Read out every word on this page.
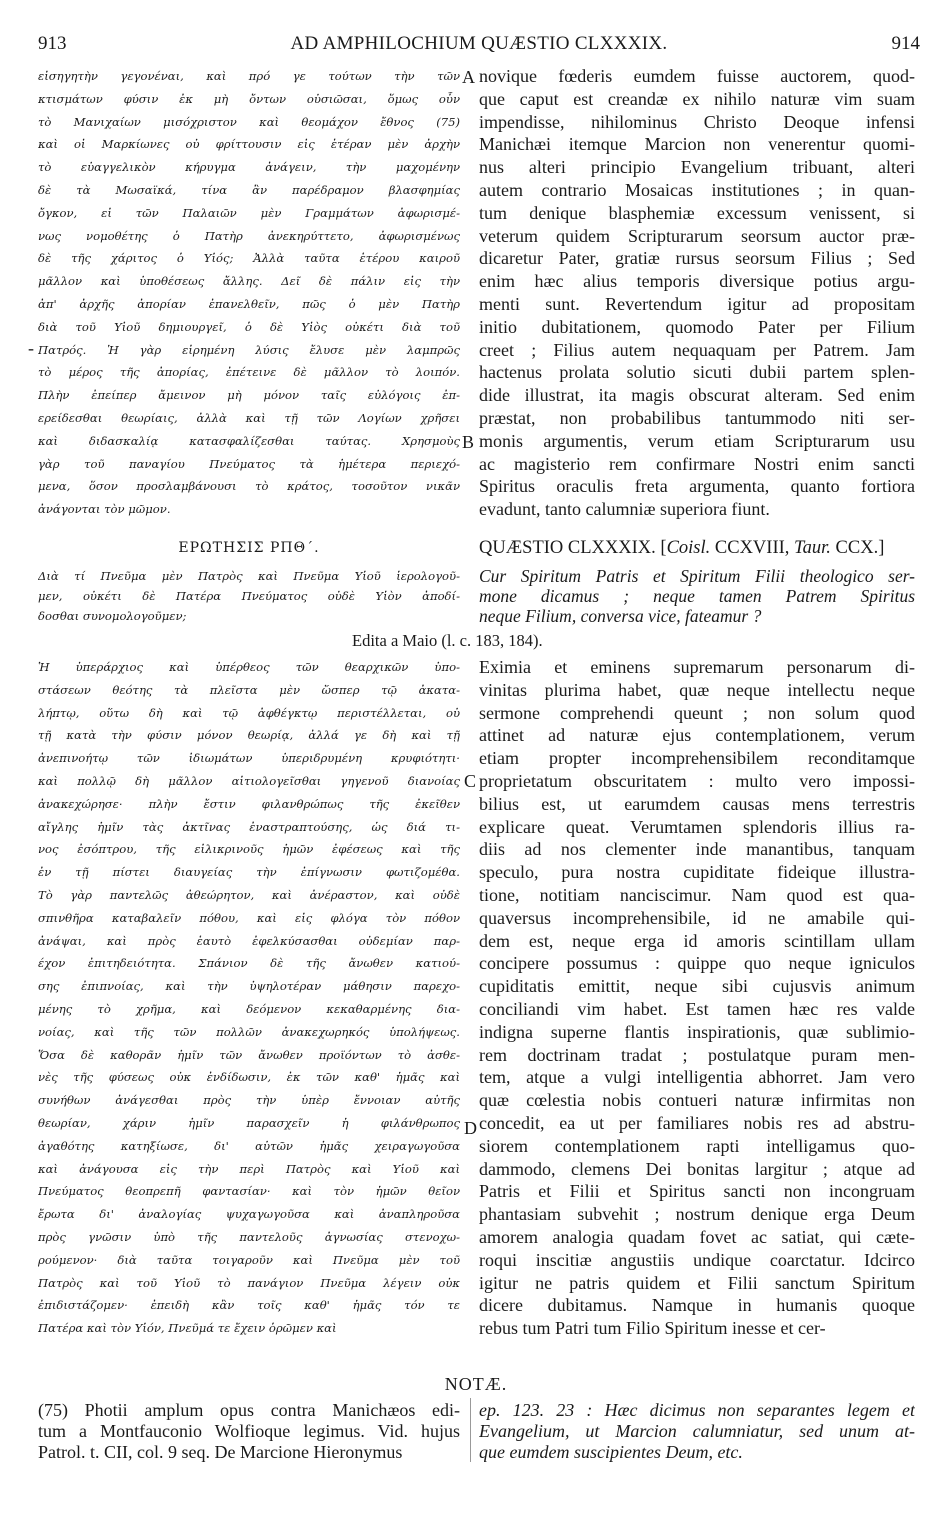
913	AD AMPHILOCHIUM QUÆSTIO CLXXXIX.	914
εἰσηγητὴν γεγονέναι, καὶ πρό γε τούτων τὴν τῶν
κτισμάτων φύσιν ἐκ μὴ ὄντων οὐσιῶσαι, ὅμως οὖν
τὸ Μανιχαίων μισόχριστον καὶ θεομάχον ἔθνος (75)
καὶ οἱ Μαρκίωνες οὐ φρίττουσιν εἰς ἑτέραν μὲν ἀρχὴν
τὸ εὐαγγελικὸν κήρυγμα ἀνάγειν, τὴν μαχομένην
δὲ τὰ Μωσαϊκά, τίνα ἂν παρέδραμον βλασφημίας
ὄγκον, εἰ τῶν Παλαιῶν μὲν Γραμμάτων ἀφωρισμέ-
νως νομοθέτης ὁ Πατὴρ ἀνεκηρύττετο, ἀφωρισμένως
δὲ τῆς χάριτος ὁ Υἱός; Ἀλλὰ ταῦτα ἑτέρου καιροῦ
μᾶλλον καὶ ὑποθέσεως ἄλλης. Δεῖ δὲ πάλιν εἰς τὴν
ἀπ' ἀρχῆς ἀπορίαν ἐπανελθεῖν, πῶς ὁ μὲν Πατὴρ
διὰ τοῦ Υἱοῦ δημιουργεῖ, ὁ δὲ Υἱὸς οὐκέτι διὰ τοῦ
Πατρός. Ἡ γὰρ εἰρημένη λύσις ἔλυσε μὲν λαμπρῶς
τὸ μέρος τῆς ἀπορίας, ἐπέτεινε δὲ μᾶλλον τὸ λοιπόν.
Πλὴν ἐπείπερ ἄμεινον μὴ μόνον ταῖς εὐλόγοις ἐπ-
ερείδεσθαι θεωρίαις, ἀλλὰ καὶ τῇ τῶν Λογίων χρῆσει
καὶ διδασκαλίᾳ κατασφαλίζεσθαι ταύτας. Χρησμοὺς
γὰρ τοῦ παναγίου Πνεύματος τὰ ἡμέτερα περιεχό-
μενα, ὅσον προσλαμβάνουσι τὸ κράτος, τοσοῦτον νικᾶν
ἀνάγονται τὸν μῶμον.
novique fœderis eumdem fuisse auctorem, quod-
que caput est creandæ ex nihilo naturæ vim suam
impendisse, nihilominus Christo Deoque infensi
Manichæi itemque Marcion non venerentur quomi-
nus alteri principio Evangelium tribuant, alteri
autem contrario Mosaicas institutiones ; in quan-
tum denique blasphemiæ excessum venissent, si
veterum quidem Scripturarum seorsum auctor præ-
dicaretur Pater, gratiæ rursus seorsum Filius ; Sed
enim hæc alius temporis diversique potius argu-
menti sunt. Revertendum igitur ad propositam
initio dubitationem, quomodo Pater per Filium
creet ; Filius autem nequaquam per Patrem. Jam
hactenus prolata solutio sicuti dubii partem splen-
dide illustrat, ita magis obscurat alteram. Sed enim
præstat, non probabilibus tantummodo niti ser-
monis argumentis, verum etiam Scripturarum usu
ac magisterio rem confirmare Nostri enim sancti
Spiritus oraculis freta argumenta, quanto fortiora
evadunt, tanto calumniæ superiora fiunt.
A
B
C
D
-
ΕΡΩΤΗΣΙΣ ΡΠΘ΄.	QUÆSTIO CLXXXIX. [Coisl. CCXVIII, Taur. CCX.]
Διὰ τί Πνεῦμα μὲν Πατρὸς καὶ Πνεῦμα Υἱοῦ ἱερολογοῦ-
μεν, οὐκέτι δὲ Πατέρα Πνεύματος οὐδὲ Υἱὸν ἀποδί-
δοσθαι συνομολογοῦμεν;
Cur Spiritum Patris et Spiritum Filii theologico ser-
mone dicamus ; neque tamen Patrem Spiritus
neque Filium, conversa vice, fateamur ?
Edita a Maio (l. c. 183, 184).
Ἡ ὑπεράρχιος καὶ ὑπέρθεος τῶν θεαρχικῶν ὑπο-
στάσεων θεότης τὰ πλεῖστα μὲν ὥσπερ τῷ ἀκατα-
λήπτῳ, οὕτω δὴ καὶ τῷ ἀφθέγκτῳ περιστέλλεται, οὐ
τῇ κατὰ τὴν φύσιν μόνον θεωρίᾳ, ἀλλά γε δὴ καὶ τῇ
ἀνεπινοήτῳ τῶν ἰδιωμάτων ὑπεριδρυμένη κρυφιότητι·
καὶ πολλῷ δὴ μᾶλλον αἰτιολογεῖσθαι γηγενοῦ διανοίας
ἀνακεχώρησε· πλὴν ἔστιν φιλανθρώπως τῆς ἐκεῖθεν
αἴγλης ἡμῖν τὰς ἀκτῖνας ἐναστραπτούσης, ὡς διά τι-
νος ἐσόπτρου, τῆς εἰλικρινοῦς ἡμῶν ἐφέσεως καὶ τῆς
ἐν τῇ πίστει διαυγείας τὴν ἐπίγνωσιν φωτιζομέθα.
Τὸ γὰρ παντελῶς ἀθεώρητον, καὶ ἀνέραστον, καὶ οὐδὲ
σπινθῆρα καταβαλεῖν πόθου, καὶ εἰς φλόγα τὸν πόθον
ἀνάψαι, καὶ πρὸς ἑαυτὸ ἐφελκύσασθαι οὐδεμίαν παρ-
έχον ἐπιτηδειότητα. Σπάνιον δὲ τῆς ἄνωθεν κατιού-
σης ἐπιπνοίας, καὶ τὴν ὑψηλοτέραν μάθησιν παρεχο-
μένης τὸ χρῆμα, καὶ δεόμενον κεκαθαρμένης δια-
νοίας, καὶ τῆς τῶν πολλῶν ἀνακεχωρηκός ὑπολήψεως.
Ὅσα δὲ καθορᾶν ἡμῖν τῶν ἄνωθεν προϊόντων τὸ ἀσθε-
νὲς τῆς φύσεως οὐκ ἐνδίδωσιν, ἐκ τῶν καθ' ἡμᾶς καὶ
συνήθων ἀνάγεσθαι πρὸς τὴν ὑπὲρ ἔννοιαν αὐτῆς
θεωρίαν, χάριν ἡμῖν παρασχεῖν ἡ φιλάνθρωπος
ἀγαθότης κατηξίωσε, δι' αὐτῶν ἡμᾶς χειραγωγοῦσα
καὶ ἀνάγουσα εἰς τὴν περὶ Πατρὸς καὶ Υἱοῦ καὶ
Πνεύματος θεοπρεπῆ φαντασίαν· καὶ τὸν ἡμῶν θεῖον
ἔρωτα δι' ἀναλογίας ψυχαγωγοῦσα καὶ ἀναπληροῦσα
πρὸς γνῶσιν ὑπὸ τῆς παντελοῦς ἀγνωσίας στενοχω-
ρούμενον· διὰ ταῦτα τοιγαροῦν καὶ Πνεῦμα μὲν τοῦ
Πατρὸς καὶ τοῦ Υἱοῦ τὸ πανάγιον Πνεῦμα λέγειν οὐκ
ἐπιδιστάζομεν· ἐπειδὴ κἂν τοῖς καθ' ἡμᾶς τόν τε
Πατέρα καὶ τὸν Υἱόν, Πνεῦμά τε ἔχειν ὁρῶμεν καὶ
Eximia et eminens supremarum personarum di-
vinitas plurima habet, quæ neque intellectu neque
sermone comprehendi queunt ; non solum quod
attinet ad naturæ ejus contemplationem, verum
etiam propter incomprehensibilem reconditamque
proprietatum obscuritatem : multo vero impossi-
bilius est, ut earumdem causas mens terrestris
explicare queat. Verumtamen splendoris illius ra-
diis ad nos clementer inde manantibus, tanquam
speculo, pura nostra cupiditate fideique illustra-
tione, notitiam nanciscimur. Nam quod est qua-
quaversus incomprehensibile, id ne amabile qui-
dem est, neque erga id amoris scintillam ullam
concipere possumus : quippe quo neque igniculos
cupiditatis emittit, neque sibi cujusvis animum
conciliandi vim habet. Est tamen hæc res valde
indigna superne flantis inspirationis, quæ sublimio-
rem doctrinam tradat ; postulatque puram men-
tem, atque a vulgi intelligentia abhorret. Jam vero
quæ cœlestia nobis contueri naturæ infirmitas non
concedit, ea ut per familiares nobis res ad abstru-
siorem contemplationem rapti intelligamus quo-
dammodo, clemens Dei bonitas largitur ; atque ad
Patris et Filii et Spiritus sancti non incongruam
phantasiam subvehit ; nostrum denique erga Deum
amorem analogia quadam fovet ac satiat, qui cæte-
roqui inscitiæ angustiis undique coarctatur. Idcirco
igitur ne patris quidem et Filii sanctum Spiritum
dicere dubitamus. Namque in humanis quoque
rebus tum Patri tum Filio Spiritum inesse et cer-
NOTÆ.
(75) Photii amplum opus contra Manichæos edi-
tum a Montfauconio Wolfioque legimus. Vid. hujus
Patrol. t. CII, col. 9 seq. De Marcione Hieronymus
ep. 123. 23 : Hæc dicimus non separantes legem et
Evangelium, ut Marcion calumniatur, sed unum at-
que eumdem suscipientes Deum, etc.
